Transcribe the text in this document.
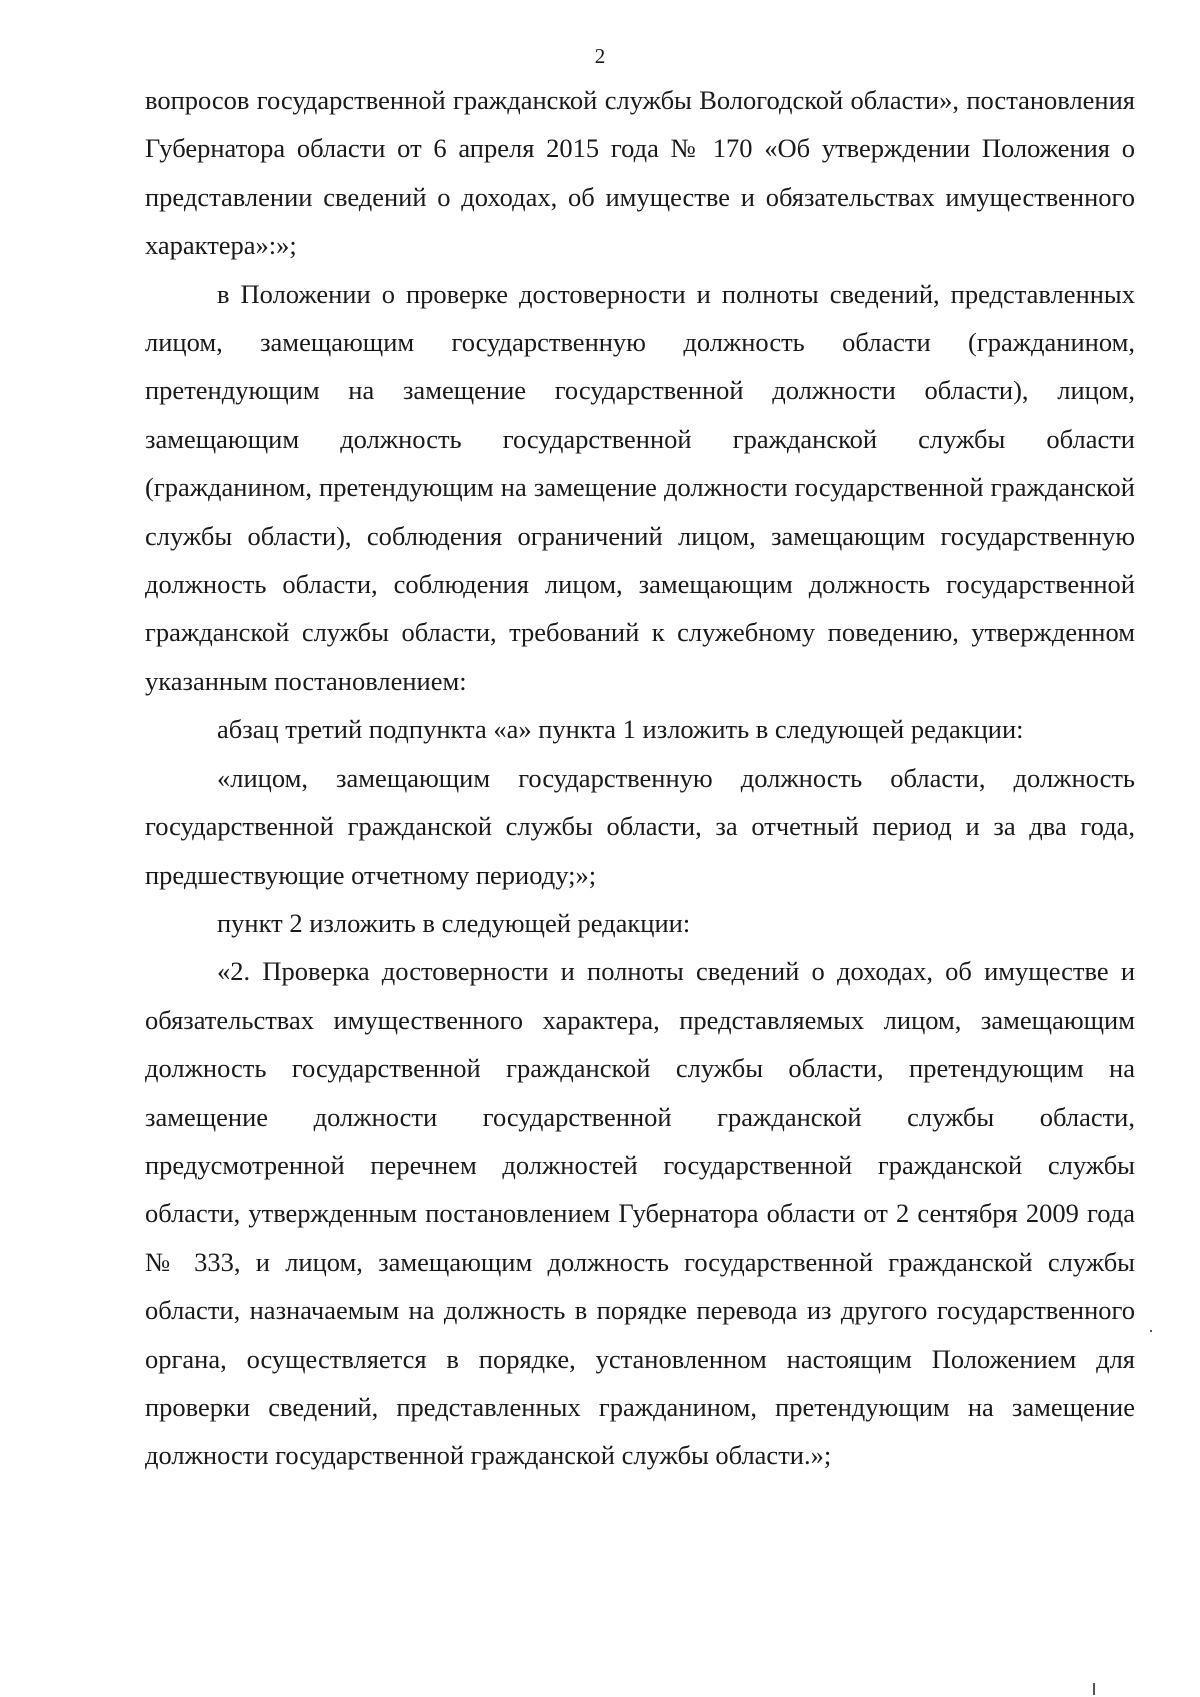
2

вопросов государственной гражданской службы Вологодской области», постановления Губернатора области от 6 апреля 2015 года № 170 «Об утверждении Положения о представлении сведений о доходах, об имуществе и обязательствах имущественного характера»:»;

в Положении о проверке достоверности и полноты сведений, представленных лицом, замещающим государственную должность области (гражданином, претендующим на замещение государственной должности области), лицом, замещающим должность государственной гражданской службы области (гражданином, претендующим на замещение должности государственной гражданской службы области), соблюдения ограничений лицом, замещающим государственную должность области, соблюдения лицом, замещающим должность государственной гражданской службы области, требований к служебному поведению, утвержденном указанным постановлением:

абзац третий подпункта «а» пункта 1 изложить в следующей редакции:

«лицом, замещающим государственную должность области, должность государственной гражданской службы области, за отчетный период и за два года, предшествующие отчетному периоду;»;

пункт 2 изложить в следующей редакции:

«2. Проверка достоверности и полноты сведений о доходах, об имуществе и обязательствах имущественного характера, представляемых лицом, замещающим должность государственной гражданской службы области, претендующим на замещение должности государственной гражданской службы области, предусмотренной перечнем должностей государственной гражданской службы области, утвержденным постановлением Губернатора области от 2 сентября 2009 года № 333, и лицом, замещающим должность государственной гражданской службы области, назначаемым на должность в порядке перевода из другого государственного органа, осуществляется в порядке, установленном настоящим Положением для проверки сведений, представленных гражданином, претендующим на замещение должности государственной гражданской службы области.»;
